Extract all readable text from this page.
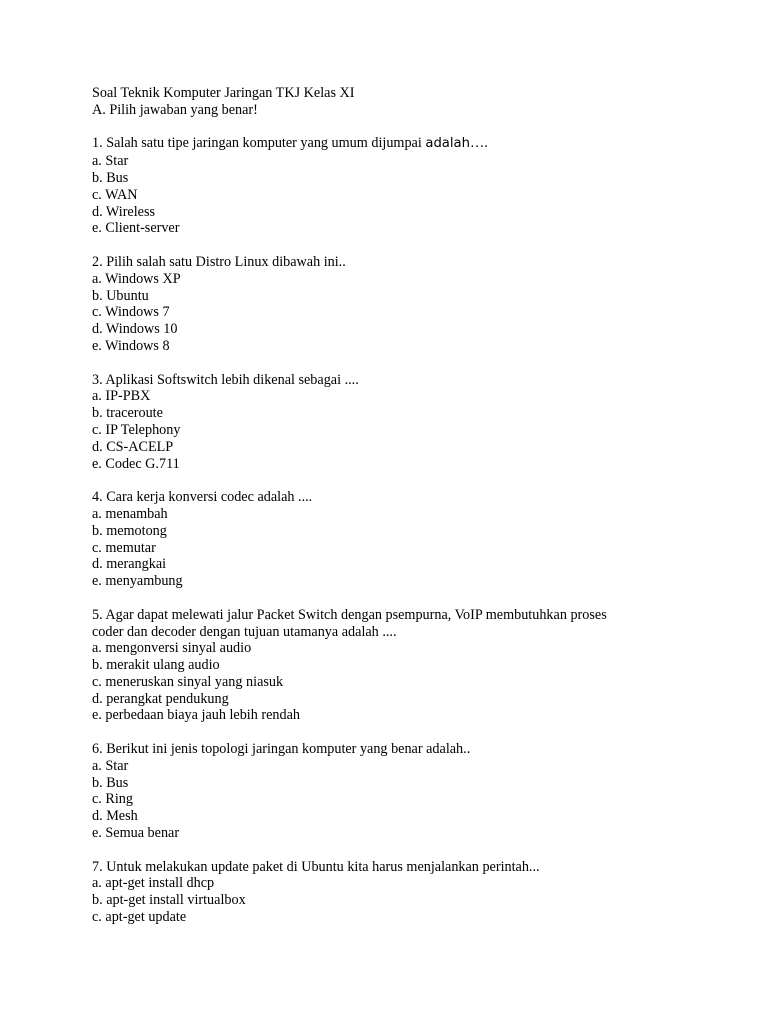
Soal Teknik Komputer Jaringan TKJ Kelas XI
A. Pilih jawaban yang benar!
1. Salah satu tipe jaringan komputer yang umum dijumpai adalah….
a. Star
b. Bus
c. WAN
d. Wireless
e. Client-server
2. Pilih salah satu Distro Linux dibawah ini..
a. Windows XP
b. Ubuntu
c. Windows 7
d. Windows 10
e. Windows 8
3. Aplikasi Softswitch lebih dikenal sebagai ....
a. IP-PBX
b. traceroute
c. IP Telephony
d. CS-ACELP
e. Codec G.711
4. Cara kerja konversi codec adalah ....
a. menambah
b. memotong
c. memutar
d. merangkai
e. menyambung
5. Agar dapat melewati jalur Packet Switch dengan psempurna, VoIP membutuhkan proses
coder dan decoder dengan tujuan utamanya adalah ....
a. mengonversi sinyal audio
b. merakit ulang audio
c. meneruskan sinyal yang niasuk
d. perangkat pendukung
e. perbedaan biaya jauh lebih rendah
6. Berikut ini jenis topologi jaringan komputer yang benar adalah..
a. Star
b. Bus
c. Ring
d. Mesh
e. Semua benar
7. Untuk melakukan update paket di Ubuntu kita harus menjalankan perintah...
a. apt-get install dhcp
b. apt-get install virtualbox
c. apt-get update
